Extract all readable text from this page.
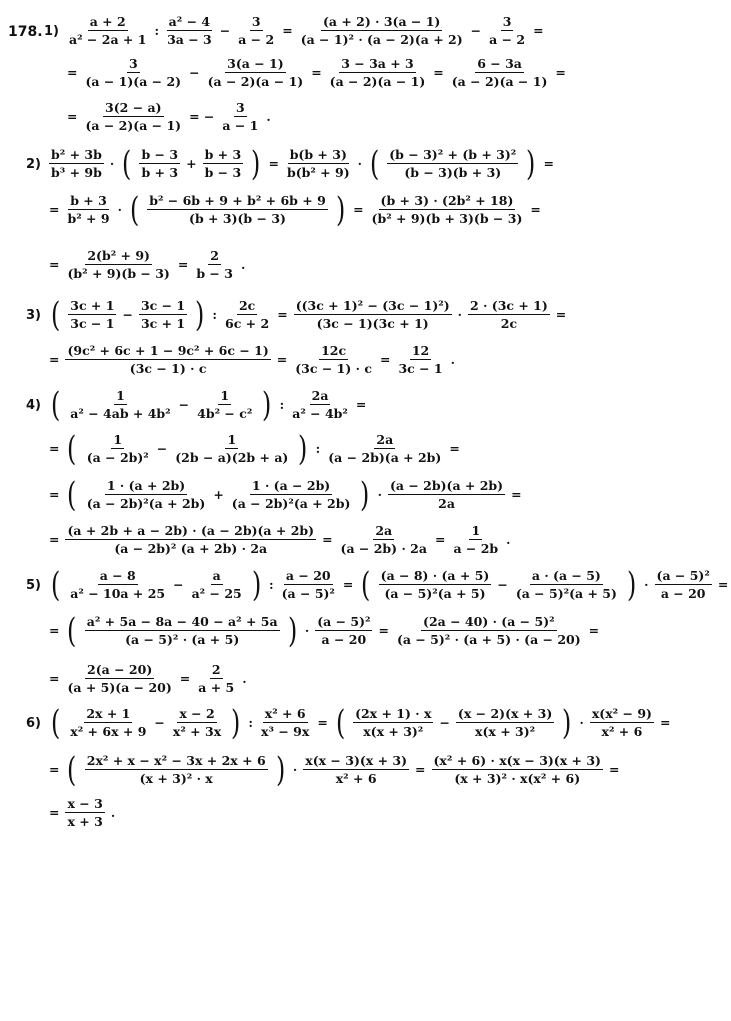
178. 1)
2)
3)
4)
5)
6)
$\frac{a + 2}{\text{a² − 2a + 1}}$ : $\frac{\text{a² − 4}}{3a - 3} - \frac{3}{a - 2} = \frac{(a + 2) \cdot 3(a - 1)}{\text{(a − 1)² · (a − 2)(a + 2)}} - \frac{3}{a - 2}$ =
= $\frac{3}{(a - 1)(a - 2)} - \frac{3(a - 1)}{(a - 2)(a - 1)} = \frac{3 - 3a + 3}{(a - 2)(a - 1)} = \frac{6 - 3a}{(a - 2)(a - 1)}$ =
= $\frac{3(2 - a)}{(a - 2)(a - 1)}$ = − $\frac{3}{a - 1}$ .
$\frac{\text{b² + 3b}}{\text{b³ + 9b}}$ · ( $\frac{b - 3}{b + 3} + \frac{b + 3}{b - 3}$ ) = $\frac{b(b + 3)}{\text{b(b² + 9)}}$ · ( $\frac{\text{(b − 3)² + (b + 3)²}}{(b - 3)(b + 3)}$ ) =
= $\frac{b + 3}{\text{b² + 9}}$ · ( $\frac{\text{b² − 6b + 9 + b² + 6b + 9}}{(b + 3)(b - 3)}$ ) = $\frac{\text{(b + 3) · (2b² + 18)}}{\text{(b² + 9)(b + 3)(b − 3)}}$ =
= $\frac{\text{2(b² + 9)}}{\text{(b² + 9)(b − 3)}} = \frac{2}{b - 3}$ .
( $\frac{3c + 1}{3c - 1} - \frac{3c - 1}{3c + 1}$ ) : $\frac{2c}{6c + 2} = \frac{\text{((3c + 1)² − (3c − 1)²)}}{(3c - 1)(3c + 1)} \cdot \frac{2 \cdot (3c + 1)}{2c}$ =
= $\frac{\text{(9c² + 6c + 1 − 9c² + 6c − 1)}}{(3c - 1) \cdot c} = \frac{12c}{(3c - 1) \cdot c} = \frac{12}{3c - 1}$ .
( $\frac{1}{\text{a² − 4ab + 4b²}} - \frac{1}{\text{4b² − c²}}$ ) : $\frac{2a}{\text{a² − 4b²}}$ =
= ( $\frac{1}{\text{(a − 2b)²}} - \frac{1}{(2b - a)(2b + a)}$ ) : $\frac{2a}{(a - 2b)(a + 2b)}$ =
= ( $\frac{1 \cdot (a + 2b)}{\text{(a − 2b)²(a + 2b)}} + \frac{1 \cdot (a - 2b)}{\text{(a − 2b)²(a + 2b)}}$ ) · $\frac{(a - 2b)(a + 2b)}{2a}$ =
= $\frac{(a + 2b + a - 2b) \cdot (a - 2b)(a + 2b)}{\text{(a − 2b)² (a + 2b) · 2a}} = \frac{2a}{(a - 2b) \cdot 2a} = \frac{1}{a - 2b}$ .
( $\frac{a - 8}{\text{a² − 10a + 25}} - \frac{a}{\text{a² − 25}}$ ) : $\frac{a - 20}{\text{(a − 5)²}}$ = ( $\frac{(a - 8) \cdot (a + 5)}{\text{(a − 5)²(a + 5)}} - \frac{a \cdot (a - 5)}{\text{(a − 5)²(a + 5)}}$ ) · $\frac{\text{(a − 5)²}}{a - 20}$ =
= ( $\frac{\text{a² + 5a − 8a − 40 − a² + 5a}}{\text{(a − 5)² · (a + 5)}}$ ) · $\frac{\text{(a − 5)²}}{a - 20} = \frac{\text{(2a − 40) · (a − 5)²}}{\text{(a − 5)² · (a + 5) · (a − 20)}}$ =
= $\frac{2(a - 20)}{(a + 5)(a - 20)} = \frac{2}{a + 5}$ .
( $\frac{2x + 1}{\text{x² + 6x + 9}} - \frac{x - 2}{\text{x² + 3x}}$ ) : $\frac{\text{x² + 6}}{\text{x³ − 9x}}$ = ( $\frac{(2x + 1) \cdot x}{\text{x(x + 3)²}} - \frac{(x - 2)(x + 3)}{\text{x(x + 3)²}}$ ) · $\frac{\text{x(x² − 9)}}{\text{x² + 6}}$ =
= ( $\frac{\text{2x² + x − x² − 3x + 2x + 6}}{\text{(x + 3)² · x}}$ ) · $\frac{x(x - 3)(x + 3)}{\text{x² + 6}} = \frac{\text{(x² + 6) · x(x − 3)(x + 3)}}{\text{(x + 3)² · x(x² + 6)}}$ =
= $\frac{x - 3}{x + 3}$ .
